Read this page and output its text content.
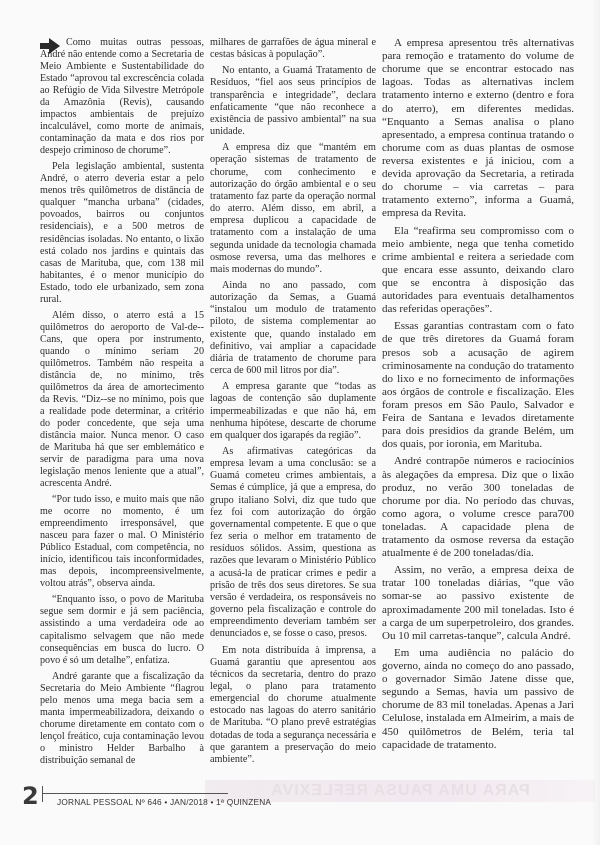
Como muitas outras pessoas, André não entende como a Secretaria de Meio Ambiente e Sustentabilidade do Estado “aprovou tal excrescência colada ao Refúgio de Vida Silvestre Metrópole da Amazônia (Revis), causando impactos ambientais de prejuízo incalculável, como morte de animais, contaminação da mata e dos rios por despejo criminoso de chorume”.

Pela legislação ambiental, sustenta André, o aterro deveria estar a pelo menos três quilômetros de distância de qualquer “mancha urbana” (cidades, povoados, bairros ou conjuntos residenciais), e a 500 metros de residências isoladas. No entanto, o lixão está colado nos jardins e quintais das casas de Marituba, que, com 138 mil habitantes, é o menor município do Estado, todo ele urbanizado, sem zona rural.

Além disso, o aterro está a 15 quilômetros do aeroporto de Val-de--Cans, que opera por instrumento, quando o mínimo seriam 20 quilômetros. Também não respeita a distância de, no mínimo, três quilômetros da área de amortecimento da Revis. “Diz--se no mínimo, pois que a realidade pode determinar, a critério do poder concedente, que seja uma distância maior. Nunca menor. O caso de Marituba há que ser emblemático e servir de paradigma para uma nova legislação menos leniente que a atual”, acrescenta André.

“Por tudo isso, e muito mais que não me ocorre no momento, é um empreendimento irresponsável, que nasceu para fazer o mal. O Ministério Público Estadual, com competência, no início, identificou tais inconformidades, mas depois, incompreensivelmente, voltou atrás”, observa ainda.

“Enquanto isso, o povo de Marituba segue sem dormir e já sem paciência, assistindo a uma verdadeira ode ao capitalismo selvagem que não mede consequências em busca do lucro. O povo é só um detalhe”, enfatiza.

André garante que a fiscalização da Secretaria do Meio Ambiente “flagrou pelo menos uma mega bacia sem a manta impermeabilizadora, deixando o chorume diretamente em contato com o lençol freático, cuja contaminação levou o ministro Helder Barbalho à distribuição semanal de

milhares de garrafões de água mineral e cestas básicas à população”.

No entanto, a Guamá Tratamento de Resíduos, “fiel aos seus princípios de transparência e integridade”, declara enfaticamente “que não reconhece a existência de passivo ambiental” na sua unidade.

A empresa diz que “mantém em operação sistemas de tratamento de chorume, com conhecimento e autorização do órgão ambiental e o seu tratamento faz parte da operação normal do aterro. Além disso, em abril, a empresa duplicou a capacidade de tratamento com a instalação de uma segunda unidade da tecnologia chamada osmose reversa, uma das melhores e mais modernas do mundo”.

Ainda no ano passado, com autorização da Semas, a Guamá “instalou um modulo de tratamento piloto, de sistema complementar ao existente que, quando instalado em definitivo, vai ampliar a capacidade diária de tratamento de chorume para cerca de 600 mil litros por dia”.

A empresa garante que “todas as lagoas de contenção são duplamente impermeabilizadas e que não há, em nenhuma hipótese, descarte de chorume em qualquer dos igarapés da região”.

As afirmativas categóricas da empresa levam a uma conclusão: se a Guamá cometeu crimes ambientais, a Semas é cúmplice, já que a empresa, do grupo italiano Solvi, diz que tudo que fez foi com autorização do órgão governamental competente. E que o que fez seria o melhor em tratamento de resíduos sólidos. Assim, questiona as razões que levaram o Ministério Público a acusá-la de praticar crimes e pedir a prisão de três dos seus diretores. Se sua versão é verdadeira, os responsáveis no governo pela fiscalização e controle do empreendimento deveriam também ser denunciados e, se fosse o caso, presos.

Em nota distribuída à imprensa, a Guamá garantiu que apresentou aos técnicos da secretaria, dentro do prazo legal, o plano para tratamento emergencial do chorume atualmente estocado nas lagoas do aterro sanitário de Marituba. “O plano prevê estratégias dotadas de toda a segurança necessária e que garantem a preservação do meio ambiente”.

A empresa apresentou três alternativas para remoção e tratamento do volume de chorume que se encontrar estocado nas lagoas. Todas as alternativas inclem tratamento interno e externo (dentro e fora do aterro), em diferentes medidas. “Enquanto a Semas analisa o plano apresentado, a empresa continua tratando o chorume com as duas plantas de osmose reversa existentes e já iniciou, com a devida aprovação da Secretaria, a retirada do chorume – via carretas – para tratamento externo”, informa a Guamá, empresa da Revita.

Ela “reafirma seu compromisso com o meio ambiente, nega que tenha cometido crime ambiental e reitera a seriedade com que encara esse assunto, deixando claro que se encontra à disposição das autoridades para eventuais detalhamentos das referidas operações”.

Essas garantias contrastam com o fato de que três diretores da Guamá foram presos sob a acusação de agirem criminosamente na condução do tratamento do lixo e no fornecimento de informações aos órgãos de controle e fiscalização. Eles foram presos em São Paulo, Salvador e Feira de Santana e levados diretamente para dois presidios da grande Belém, um dos quais, por ioronia, em Marituba.

André contrapõe números e raciocínios às alegações da empresa. Diz que o lixão produz, no verão 300 toneladas de chorume por dia. No período das chuvas, como agora, o volume cresce para700 toneladas. A capacidade plena de tratamento da osmose reversa da estação atualmente é de 200 toneladas/dia.

Assim, no verão, a empresa deixa de tratar 100 toneladas diárias, “que vão somar-se ao passivo existente de aproximadamente 200 mil toneladas. Isto é a carga de um superpetroleiro, dos grandes. Ou 10 mil carretas-tanque”, calcula André.

Em uma audiência no palácio do governo, ainda no começo do ano passado, o governador Simão Jatene disse que, segundo a Semas, havia um passivo de chorume de 83 mil toneladas. Apenas a Jari Celulose, instalada em Almeirim, a mais de 450 quilômetros de Belém, teria tal capacidade de tratamento.

PARA UMA PAUSA REFLEXIVA
2 JORNAL PESSOAL Nº 646 • JAN/2018 • 1ª QUINZENA
